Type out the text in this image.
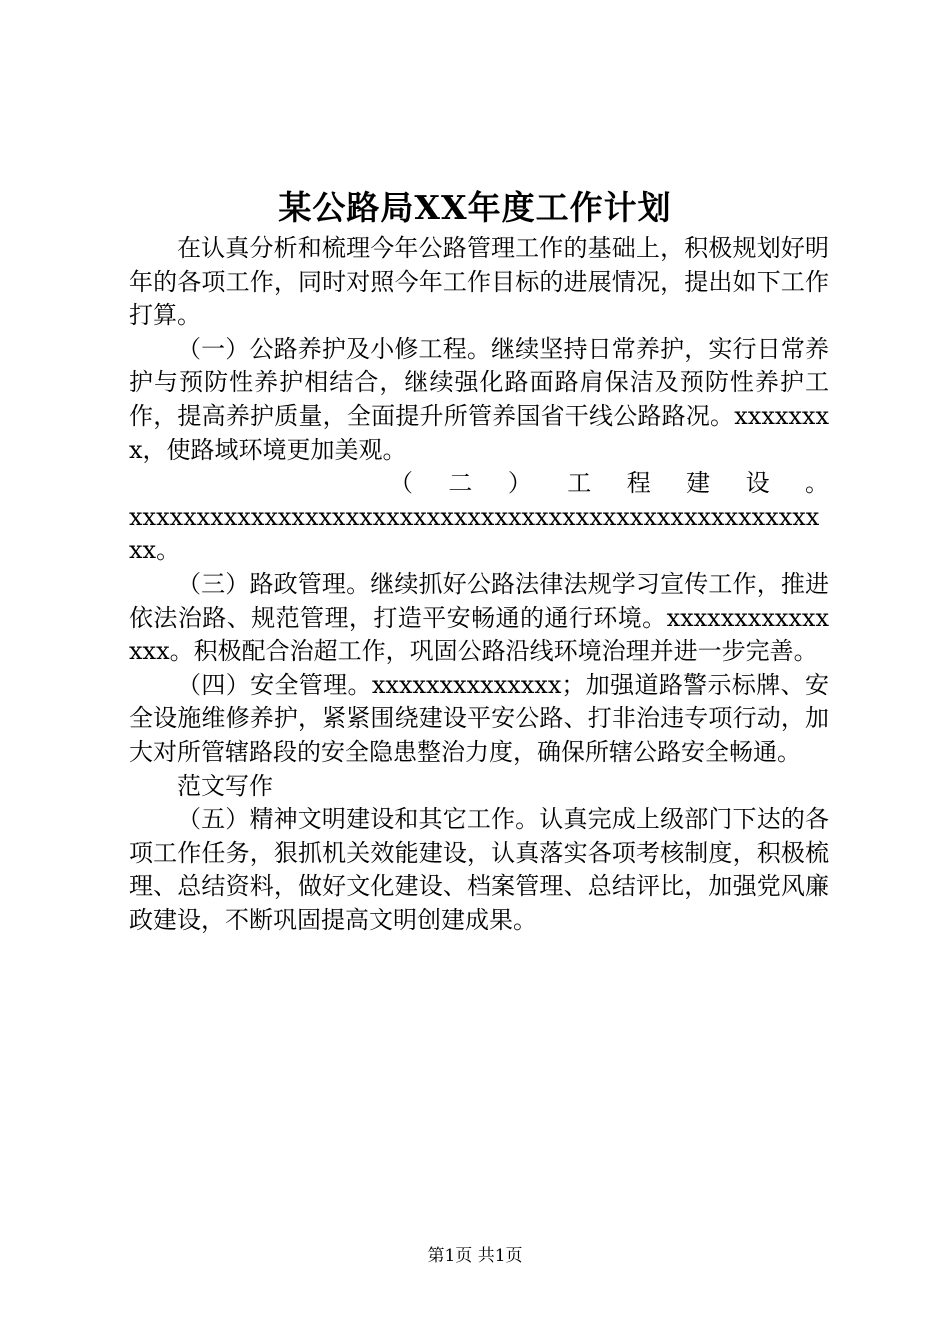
某公路局XX年度工作计划

在认真分析和梳理今年公路管理工作的基础上，积极规划好明年的各项工作，同时对照今年工作目标的进展情况，提出如下工作打算。

（一）公路养护及小修工程。继续坚持日常养护，实行日常养护与预防性养护相结合，继续强化路面路肩保洁及预防性养护工作，提高养护质量，全面提升所管养国省干线公路路况。xxxxxxxx，使路域环境更加美观。

（二）工程建设。

xxxxxxxxxxxxxxxxxxxxxxxxxxxxxxxxxxxxxxxxxxxxxxxxxxxxx。

（三）路政管理。继续抓好公路法律法规学习宣传工作，推进依法治路、规范管理，打造平安畅通的通行环境。xxxxxxxxxxxxxxx。积极配合治超工作，巩固公路沿线环境治理并进一步完善。

（四）安全管理。xxxxxxxxxxxxxx；加强道路警示标牌、安全设施维修养护，紧紧围绕建设平安公路、打非治违专项行动，加大对所管辖路段的安全隐患整治力度，确保所辖公路安全畅通。

范文写作

（五）精神文明建设和其它工作。认真完成上级部门下达的各项工作任务，狠抓机关效能建设，认真落实各项考核制度，积极梳理、总结资料，做好文化建设、档案管理、总结评比，加强党风廉政建设，不断巩固提高文明创建成果。

第1页 共1页
